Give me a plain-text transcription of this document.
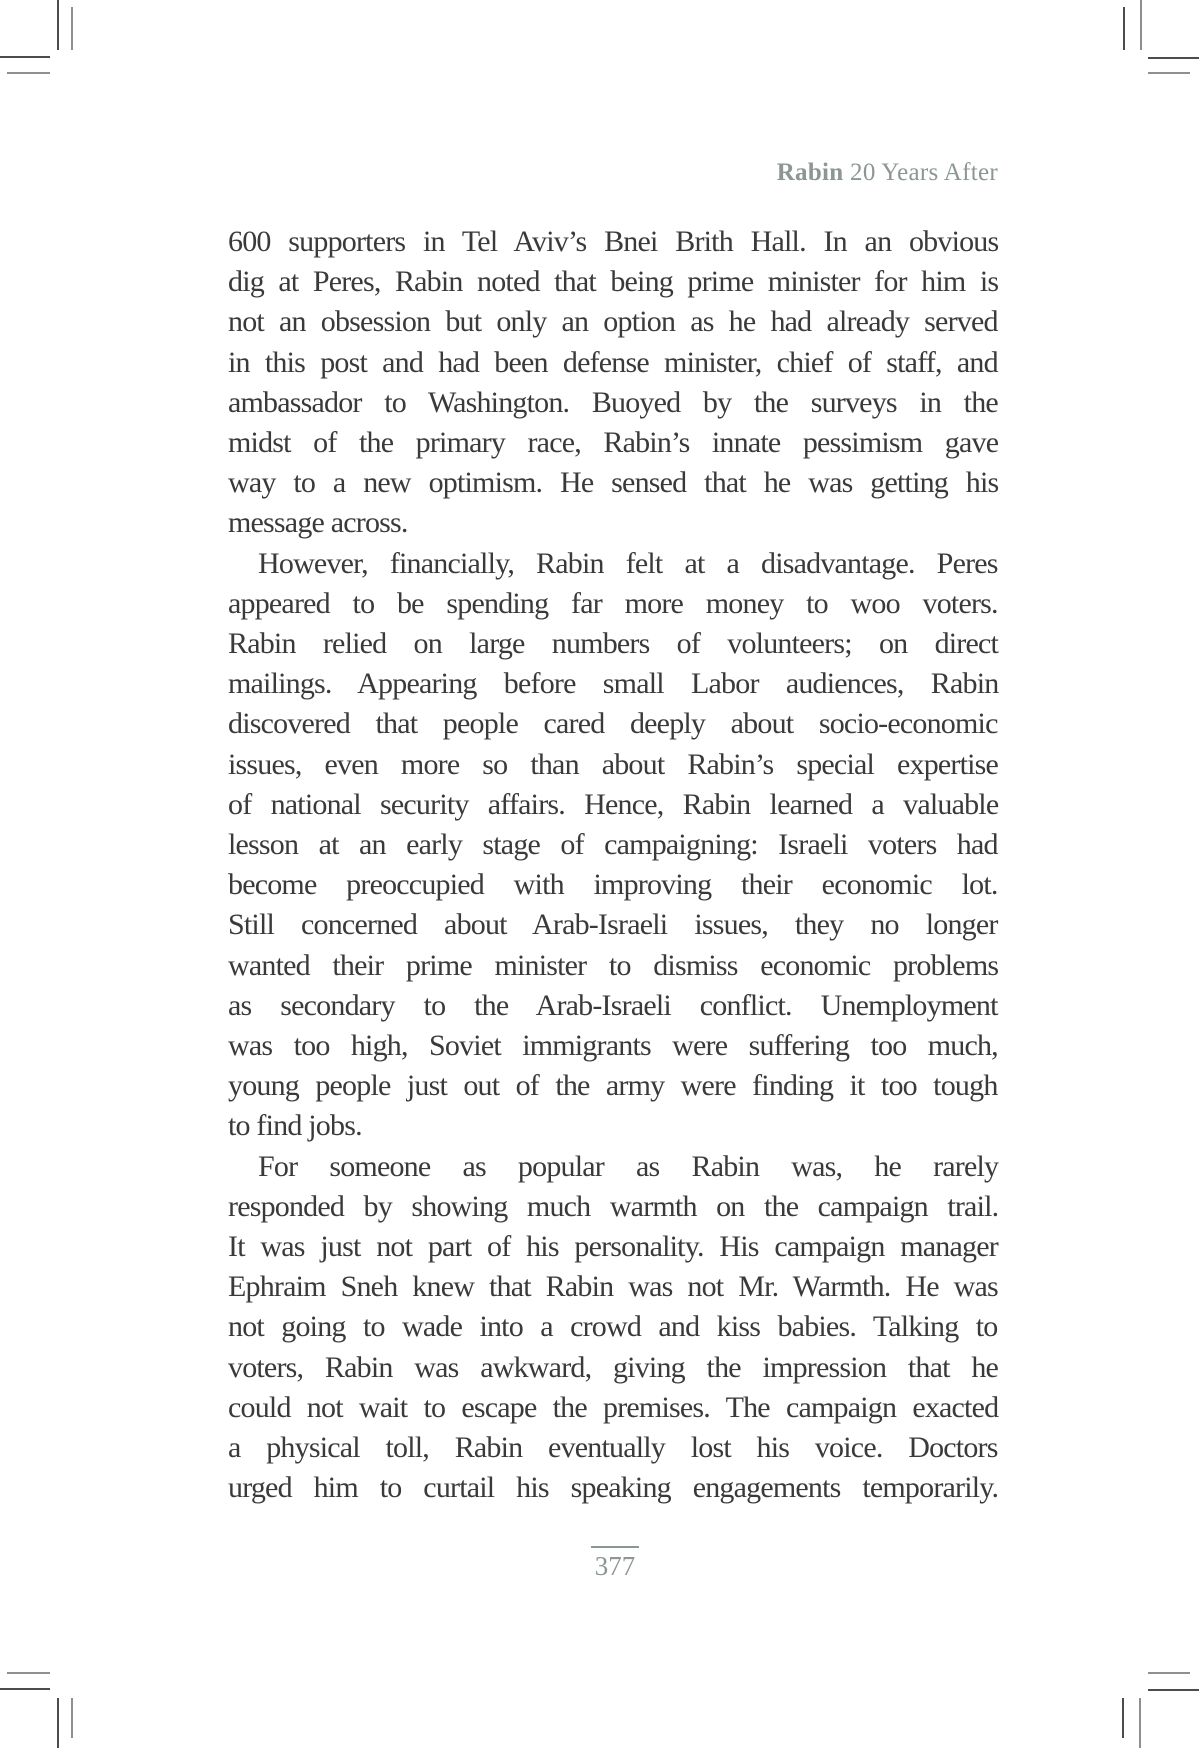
Rabin 20 Years After
600 supporters in Tel Aviv’s Bnei Brith Hall. In an obvious
dig at Peres, Rabin noted that being prime minister for him is
not an obsession but only an option as he had already served
in this post and had been defense minister, chief of staff, and
ambassador to Washington. Buoyed by the surveys in the
midst of the primary race, Rabin’s innate pessimism gave
way to a new optimism. He sensed that he was getting his
message across.
However, financially, Rabin felt at a disadvantage. Peres
appeared to be spending far more money to woo voters.
Rabin relied on large numbers of volunteers; on direct
mailings. Appearing before small Labor audiences, Rabin
discovered that people cared deeply about socio-economic
issues, even more so than about Rabin’s special expertise
of national security affairs. Hence, Rabin learned a valuable
lesson at an early stage of campaigning: Israeli voters had
become preoccupied with improving their economic lot.
Still concerned about Arab-Israeli issues, they no longer
wanted their prime minister to dismiss economic problems
as secondary to the Arab-Israeli conflict. Unemployment
was too high, Soviet immigrants were suffering too much,
young people just out of the army were finding it too tough
to find jobs.
For someone as popular as Rabin was, he rarely
responded by showing much warmth on the campaign trail.
It was just not part of his personality. His campaign manager
Ephraim Sneh knew that Rabin was not Mr. Warmth. He was
not going to wade into a crowd and kiss babies. Talking to
voters, Rabin was awkward, giving the impression that he
could not wait to escape the premises. The campaign exacted
a physical toll, Rabin eventually lost his voice. Doctors
urged him to curtail his speaking engagements temporarily.
377
